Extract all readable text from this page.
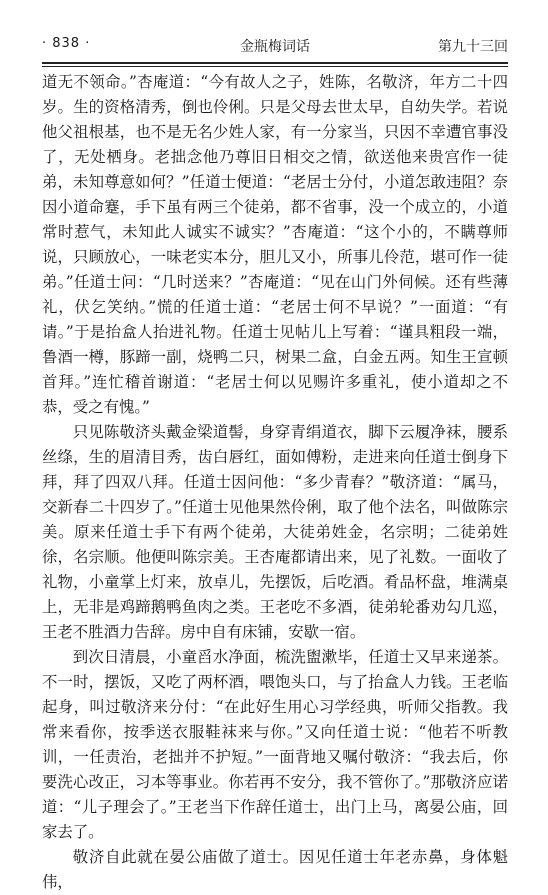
· 838 ·	金瓶梅词话	第九十三回

道无不领命。”杏庵道：“今有故人之子，姓陈，名敬济，年方二十四岁。生的资格清秀，倒也伶俐。只是父母去世太早，自幼失学。若说他父祖根基，也不是无名少姓人家，有一分家当，只因不幸遭官事没了，无处栖身。老拙念他乃尊旧日相交之情，欲送他来贵宫作一徒弟，未知尊意如何？”任道士便道：“老居士分付，小道怎敢违阻？奈因小道命蹇，手下虽有两三个徒弟，都不省事，没一个成立的，小道常时惹气，未知此人诚实不诚实？”杏庵道：“这个小的，不瞒尊师说，只顾放心，一味老实本分，胆儿又小，所事儿伶范，堪可作一徒弟。”任道士问：“几时送来？”杏庵道：“见在山门外伺候。还有些薄礼，伏乞笑纳。”慌的任道士道：“老居士何不早说？”一面道：“有请。”于是抬盒人抬进礼物。任道士见帖儿上写着：“谨具粗段一端，鲁酒一樽，豚蹄一副，烧鸭二只，树果二盒，白金五两。知生王宣顿首拜。”连忙稽首谢道：“老居士何以见赐许多重礼，使小道却之不恭，受之有愧。”

只见陈敬济头戴金梁道髻，身穿青绢道衣，脚下云履净袜，腰系丝绦，生的眉清目秀，齿白唇红，面如傅粉，走进来向任道士倒身下拜，拜了四双八拜。任道士因问他：“多少青春？”敬济道：“属马，交新春二十四岁了。”任道士见他果然伶俐，取了他个法名，叫做陈宗美。原来任道士手下有两个徒弟，大徒弟姓金，名宗明；二徒弟姓徐，名宗顺。他便叫陈宗美。王杏庵都请出来，见了礼数。一面收了礼物，小童掌上灯来，放卓儿，先摆饭，后吃酒。肴品杯盘，堆满桌上，无非是鸡蹄鹅鸭鱼肉之类。王老吃不多酒，徒弟轮番劝勾几巡，王老不胜酒力告辞。房中自有床铺，安歇一宿。

到次日清晨，小童舀水净面，梳洗盥漱毕，任道士又早来递茶。不一时，摆饭，又吃了两杯酒，喂饱头口，与了抬盒人力钱。王老临起身，叫过敬济来分付：“在此好生用心习学经典，听师父指教。我常来看你，按季送衣服鞋袜来与你。”又向任道士说：“他若不听教训，一任责治，老拙并不护短。”一面背地又嘱付敬济：“我去后，你要洗心改正，习本等事业。你若再不安分，我不管你了。”那敬济应诺道：“儿子理会了。”王老当下作辞任道士，出门上马，离晏公庙，回家去了。

敬济自此就在晏公庙做了道士。因见任道士年老赤鼻，身体魁伟，
